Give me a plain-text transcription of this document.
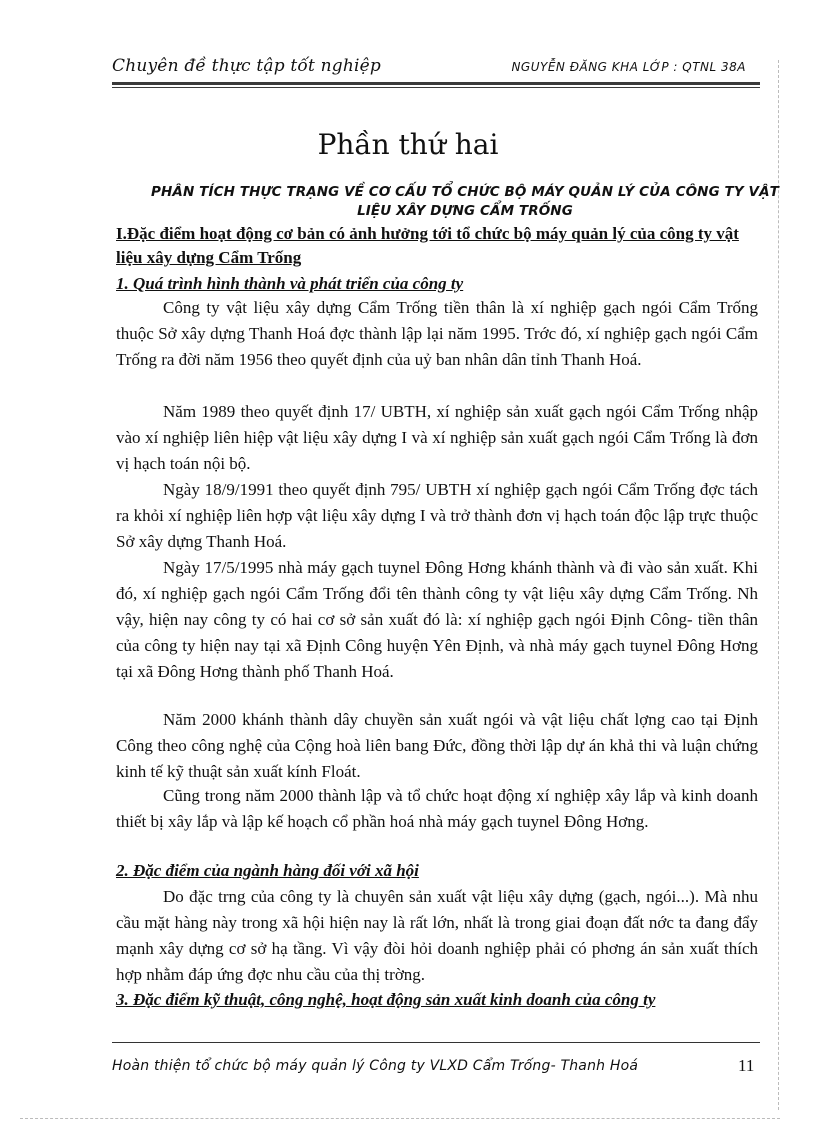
Chuyên đề thực tập tốt nghiệp	NGUYỄN ĐĂNG KHA LỚP : QTNL 38A
Phần thứ hai
PHÂN TÍCH THỰC TRẠNG VỀ CƠ CẤU TỔ CHỨC BỘ MÁY QUẢN LÝ CỦA CÔNG TY VẬT LIỆU XÂY DỰNG CẨM TRỐNG
I.Đặc điểm hoạt động cơ bản có ảnh hưởng tới tổ chức bộ máy quản lý của công ty vật liệu xây dựng Cẩm Trống
1. Quá trình hình thành và phát triển của công ty
Công ty vật liệu xây dựng Cẩm Trống tiền thân là xí nghiệp gạch ngói Cẩm Trống thuộc Sở xây dựng Thanh Hoá đợc thành lập lại năm 1995. Trớc đó, xí nghiệp gạch ngói Cẩm Trống ra đời năm 1956 theo quyết định của uỷ ban nhân dân tỉnh Thanh Hoá.
Năm 1989 theo quyết định 17/ UBTH, xí nghiệp sản xuất gạch ngói Cẩm Trống nhập vào xí nghiệp liên hiệp vật liệu xây dựng I và xí nghiệp sản xuất gạch ngói Cẩm Trống là đơn vị hạch toán nội bộ.
Ngày 18/9/1991 theo quyết định 795/ UBTH xí nghiệp gạch ngói Cẩm Trống đợc tách ra khỏi xí nghiệp liên hợp vật liệu xây dựng I và trở thành đơn vị hạch toán độc lập trực thuộc Sở xây dựng Thanh Hoá.
Ngày 17/5/1995 nhà máy gạch tuynel Đông Hơng khánh thành và đi vào sản xuất. Khi đó, xí nghiệp gạch ngói Cẩm Trống đổi tên thành công ty vật liệu xây dựng Cẩm Trống. Nh vậy, hiện nay công ty có hai cơ sở sản xuất đó là: xí nghiệp gạch ngói Định Công- tiền thân của công ty hiện nay tại xã Định Công huyện Yên Định, và nhà máy gạch tuynel Đông Hơng tại xã Đông Hơng thành phố Thanh Hoá.
Năm 2000 khánh thành dây chuyền sản xuất ngói và vật liệu chất lợng cao tại Định Công theo công nghệ của Cộng hoà liên bang Đức, đồng thời lập dự án khả thi và luận chứng kinh tế kỹ thuật sản xuất kính Floát.
Cũng trong năm 2000 thành lập và tổ chức hoạt động xí nghiệp xây lắp và kinh doanh thiết bị xây lắp và lập kế hoạch cổ phần hoá nhà máy gạch tuynel Đông Hơng.
2. Đặc điểm của ngành hàng đối với xã hội
Do đặc trng của công ty là chuyên sản xuất vật liệu xây dựng (gạch, ngói...). Mà nhu cầu mặt hàng này trong xã hội hiện nay là rất lớn, nhất là trong giai đoạn đất nớc ta đang đẩy mạnh xây dựng cơ sở hạ tầng. Vì vậy đòi hỏi doanh nghiệp phải có phơng án sản xuất thích hợp nhằm đáp ứng đợc nhu cầu của thị trờng.
3. Đặc điểm kỹ thuật, công nghệ, hoạt động sản xuất kinh doanh của công ty
Hoàn thiện tổ chức bộ máy quản lý Công ty VLXD Cẩm Trống- Thanh Hoá	11
